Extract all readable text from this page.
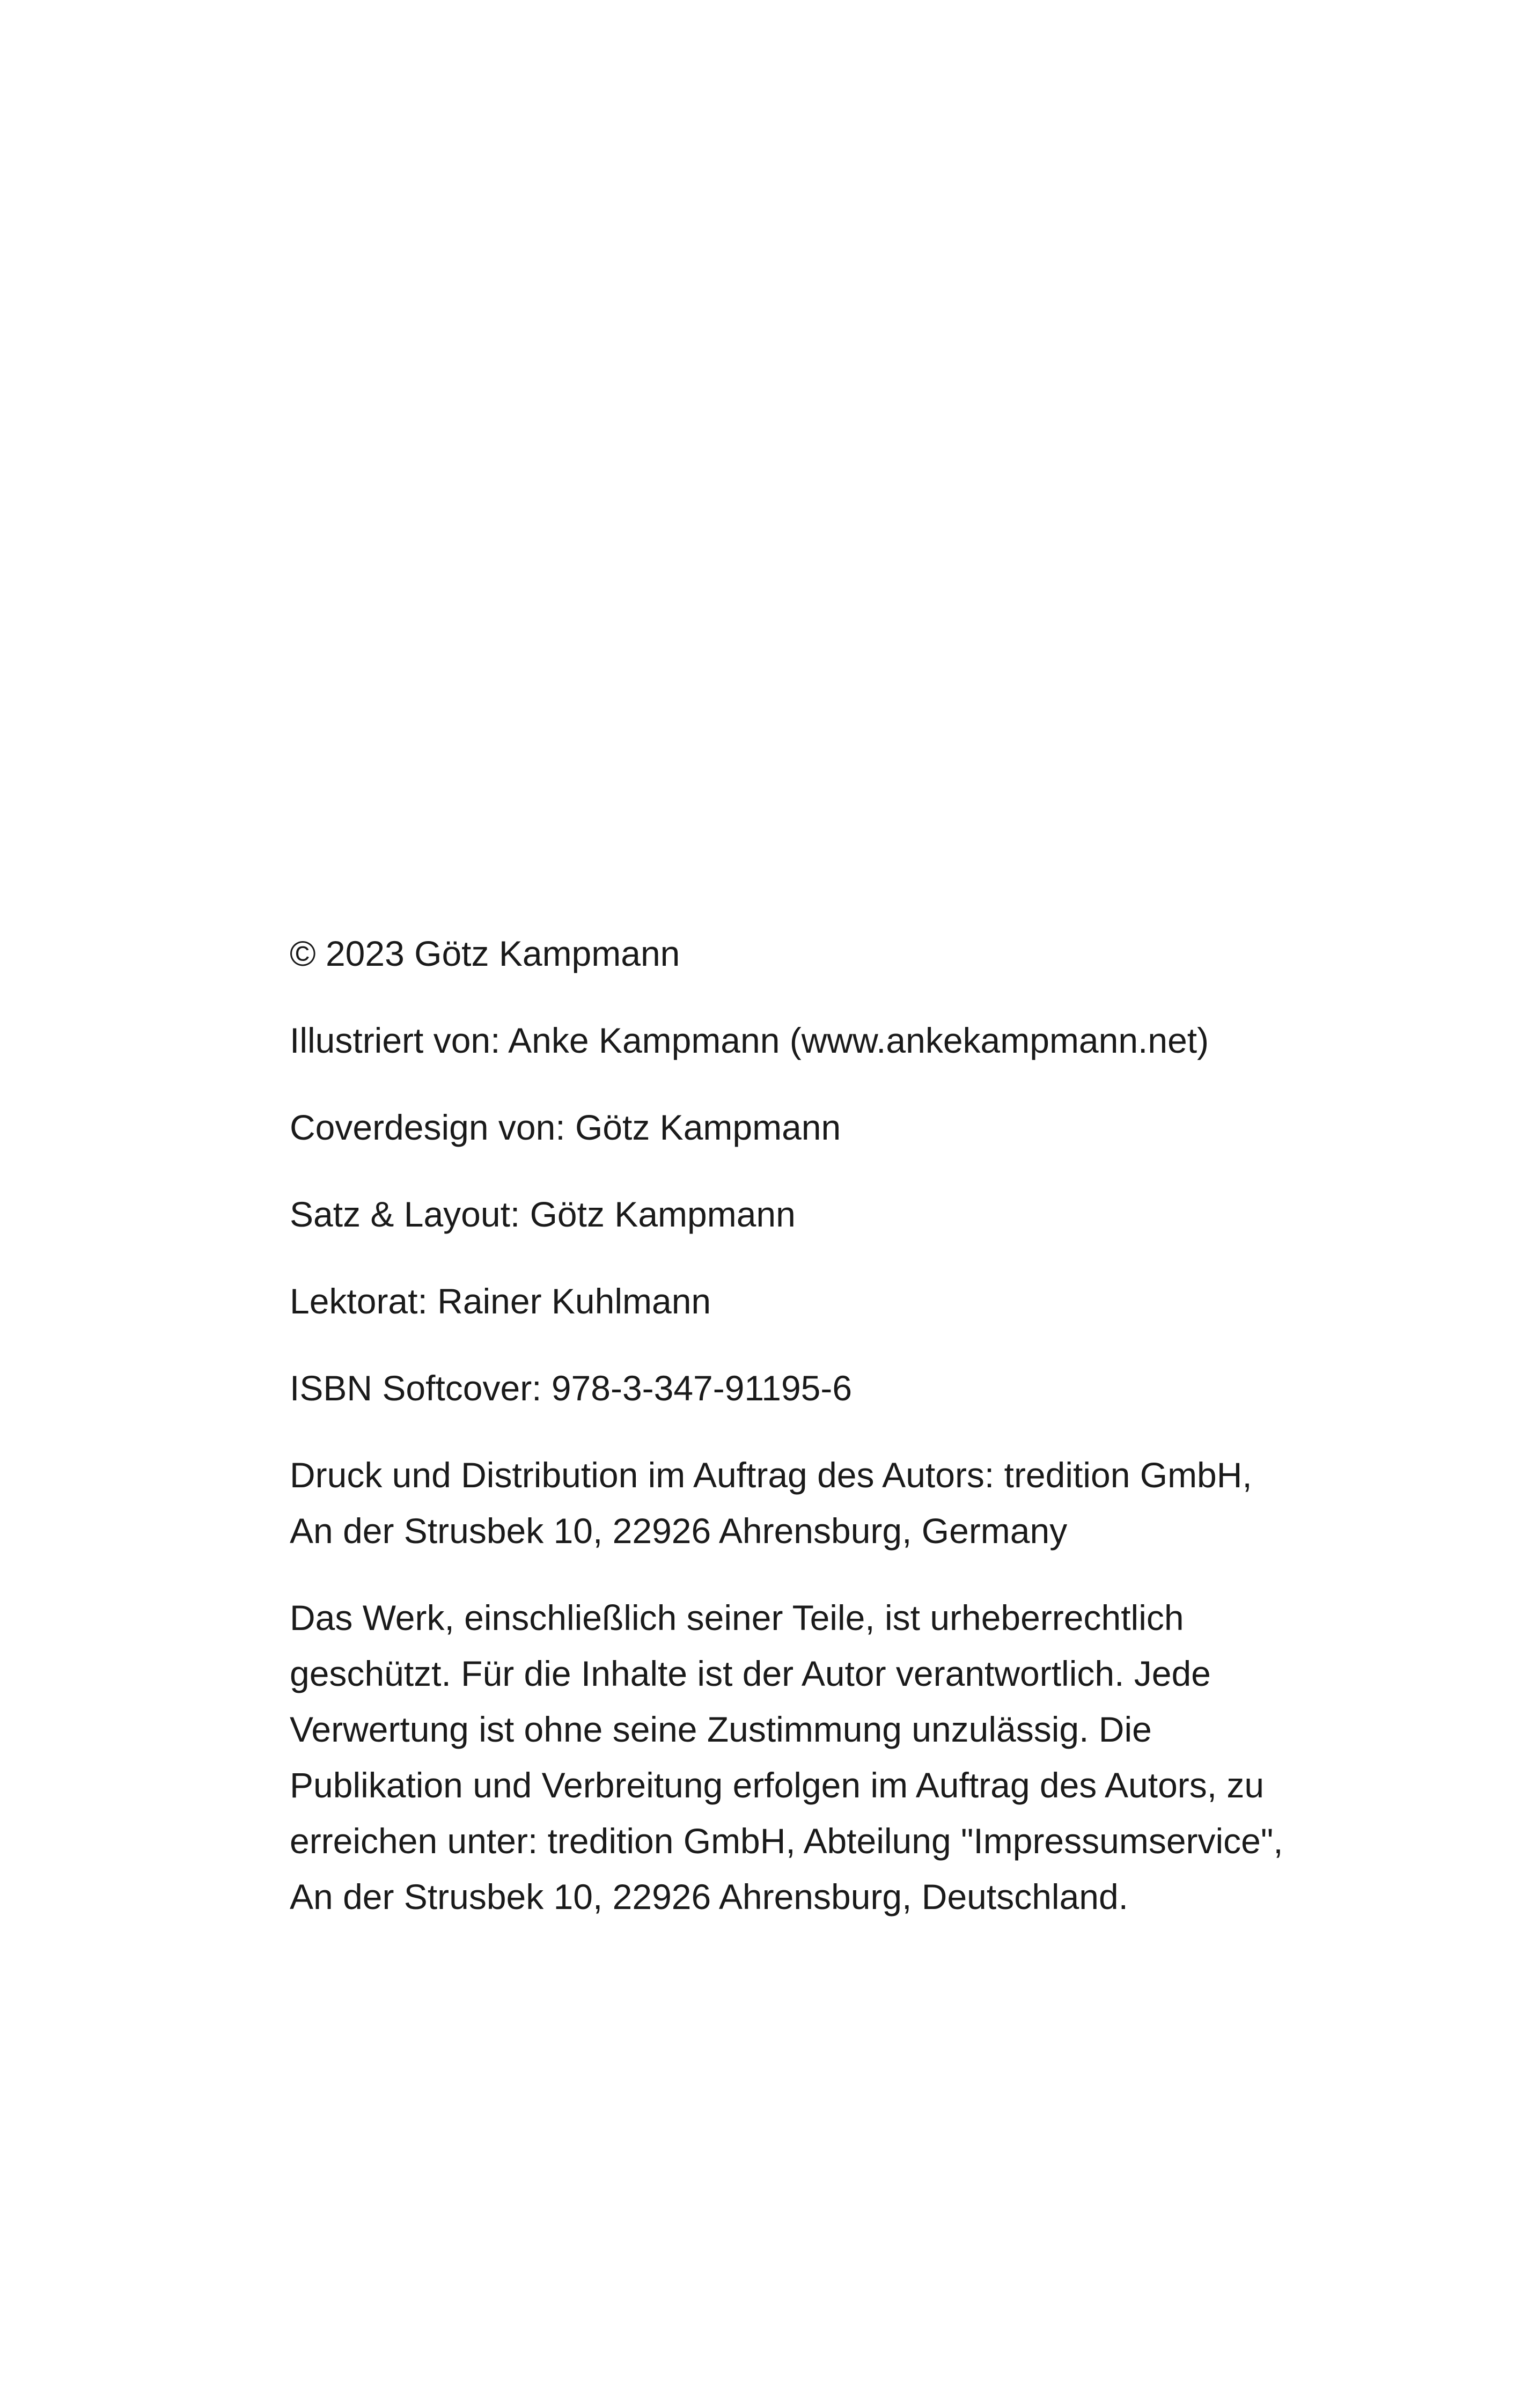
© 2023 Götz Kampmann

Illustriert von: Anke Kampmann (www.ankekampmann.net)

Coverdesign von: Götz Kampmann

Satz & Layout: Götz Kampmann

Lektorat: Rainer Kuhlmann

ISBN Softcover: 978-3-347-91195-6

Druck und Distribution im Auftrag des Autors: tredition GmbH,
An der Strusbek 10, 22926 Ahrensburg, Germany

Das Werk, einschließlich seiner Teile, ist urheberrechtlich geschützt. Für die Inhalte ist der Autor verantwortlich. Jede Verwertung ist ohne seine Zustimmung unzulässig. Die Publikation und Verbreitung erfolgen im Auftrag des Autors, zu erreichen unter: tredition GmbH, Abteilung "Impressumservice", An der Strusbek 10, 22926 Ahrensburg, Deutschland.
